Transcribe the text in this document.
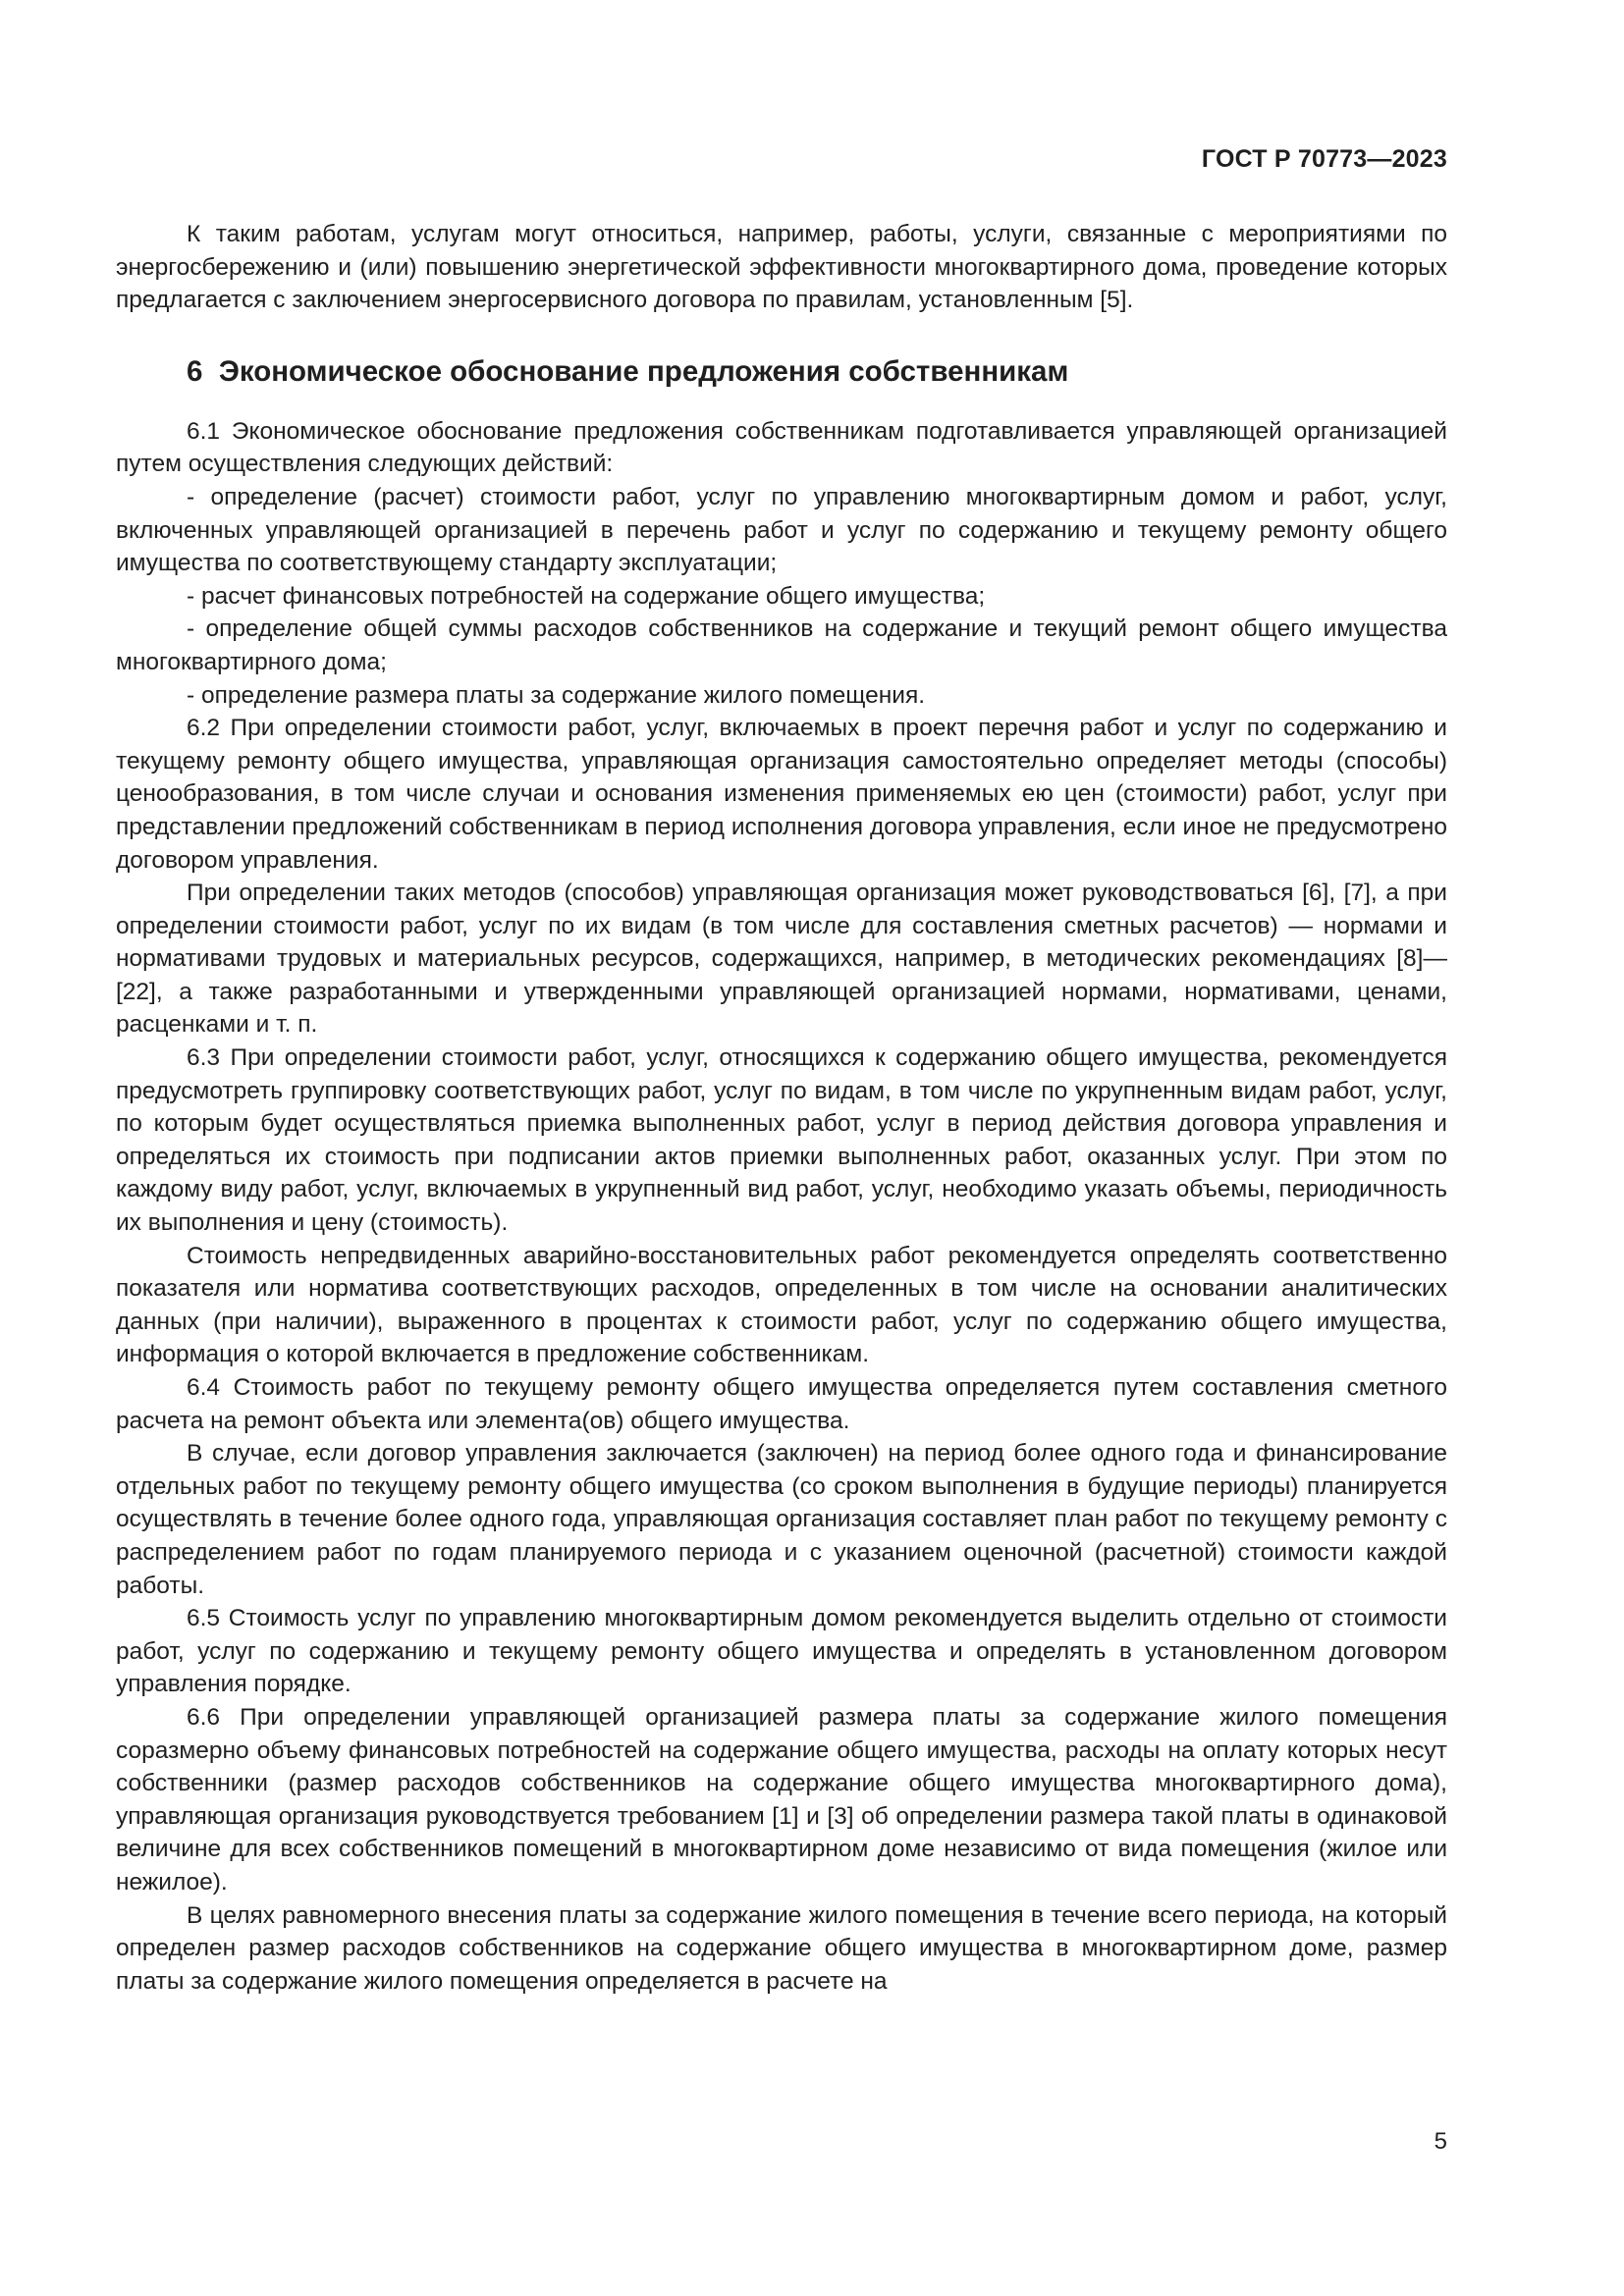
ГОСТ Р 70773—2023

К таким работам, услугам могут относиться, например, работы, услуги, связанные с мероприятиями по энергосбережению и (или) повышению энергетической эффективности многоквартирного дома, проведение которых предлагается с заключением энергосервисного договора по правилам, установленным [5].

6 Экономическое обоснование предложения собственникам

6.1 Экономическое обоснование предложения собственникам подготавливается управляющей организацией путем осуществления следующих действий:

- определение (расчет) стоимости работ, услуг по управлению многоквартирным домом и работ, услуг, включенных управляющей организацией в перечень работ и услуг по содержанию и текущему ремонту общего имущества по соответствующему стандарту эксплуатации;

- расчет финансовых потребностей на содержание общего имущества;

- определение общей суммы расходов собственников на содержание и текущий ремонт общего имущества многоквартирного дома;

- определение размера платы за содержание жилого помещения.

6.2 При определении стоимости работ, услуг, включаемых в проект перечня работ и услуг по содержанию и текущему ремонту общего имущества, управляющая организация самостоятельно определяет методы (способы) ценообразования, в том числе случаи и основания изменения применяемых ею цен (стоимости) работ, услуг при представлении предложений собственникам в период исполнения договора управления, если иное не предусмотрено договором управления.

При определении таких методов (способов) управляющая организация может руководствоваться [6], [7], а при определении стоимости работ, услуг по их видам (в том числе для составления сметных расчетов) — нормами и нормативами трудовых и материальных ресурсов, содержащихся, например, в методических рекомендациях [8]—[22], а также разработанными и утвержденными управляющей организацией нормами, нормативами, ценами, расценками и т. п.

6.3 При определении стоимости работ, услуг, относящихся к содержанию общего имущества, рекомендуется предусмотреть группировку соответствующих работ, услуг по видам, в том числе по укрупненным видам работ, услуг, по которым будет осуществляться приемка выполненных работ, услуг в период действия договора управления и определяться их стоимость при подписании актов приемки выполненных работ, оказанных услуг. При этом по каждому виду работ, услуг, включаемых в укрупненный вид работ, услуг, необходимо указать объемы, периодичность их выполнения и цену (стоимость).

Стоимость непредвиденных аварийно-восстановительных работ рекомендуется определять соответственно показателя или норматива соответствующих расходов, определенных в том числе на основании аналитических данных (при наличии), выраженного в процентах к стоимости работ, услуг по содержанию общего имущества, информация о которой включается в предложение собственникам.

6.4 Стоимость работ по текущему ремонту общего имущества определяется путем составления сметного расчета на ремонт объекта или элемента(ов) общего имущества.

В случае, если договор управления заключается (заключен) на период более одного года и финансирование отдельных работ по текущему ремонту общего имущества (со сроком выполнения в будущие периоды) планируется осуществлять в течение более одного года, управляющая организация составляет план работ по текущему ремонту с распределением работ по годам планируемого периода и с указанием оценочной (расчетной) стоимости каждой работы.

6.5 Стоимость услуг по управлению многоквартирным домом рекомендуется выделить отдельно от стоимости работ, услуг по содержанию и текущему ремонту общего имущества и определять в установленном договором управления порядке.

6.6 При определении управляющей организацией размера платы за содержание жилого помещения соразмерно объему финансовых потребностей на содержание общего имущества, расходы на оплату которых несут собственники (размер расходов собственников на содержание общего имущества многоквартирного дома), управляющая организация руководствуется требованием [1] и [3] об определении размера такой платы в одинаковой величине для всех собственников помещений в многоквартирном доме независимо от вида помещения (жилое или нежилое).

В целях равномерного внесения платы за содержание жилого помещения в течение всего периода, на который определен размер расходов собственников на содержание общего имущества в многоквартирном доме, размер платы за содержание жилого помещения определяется в расчете на

5
